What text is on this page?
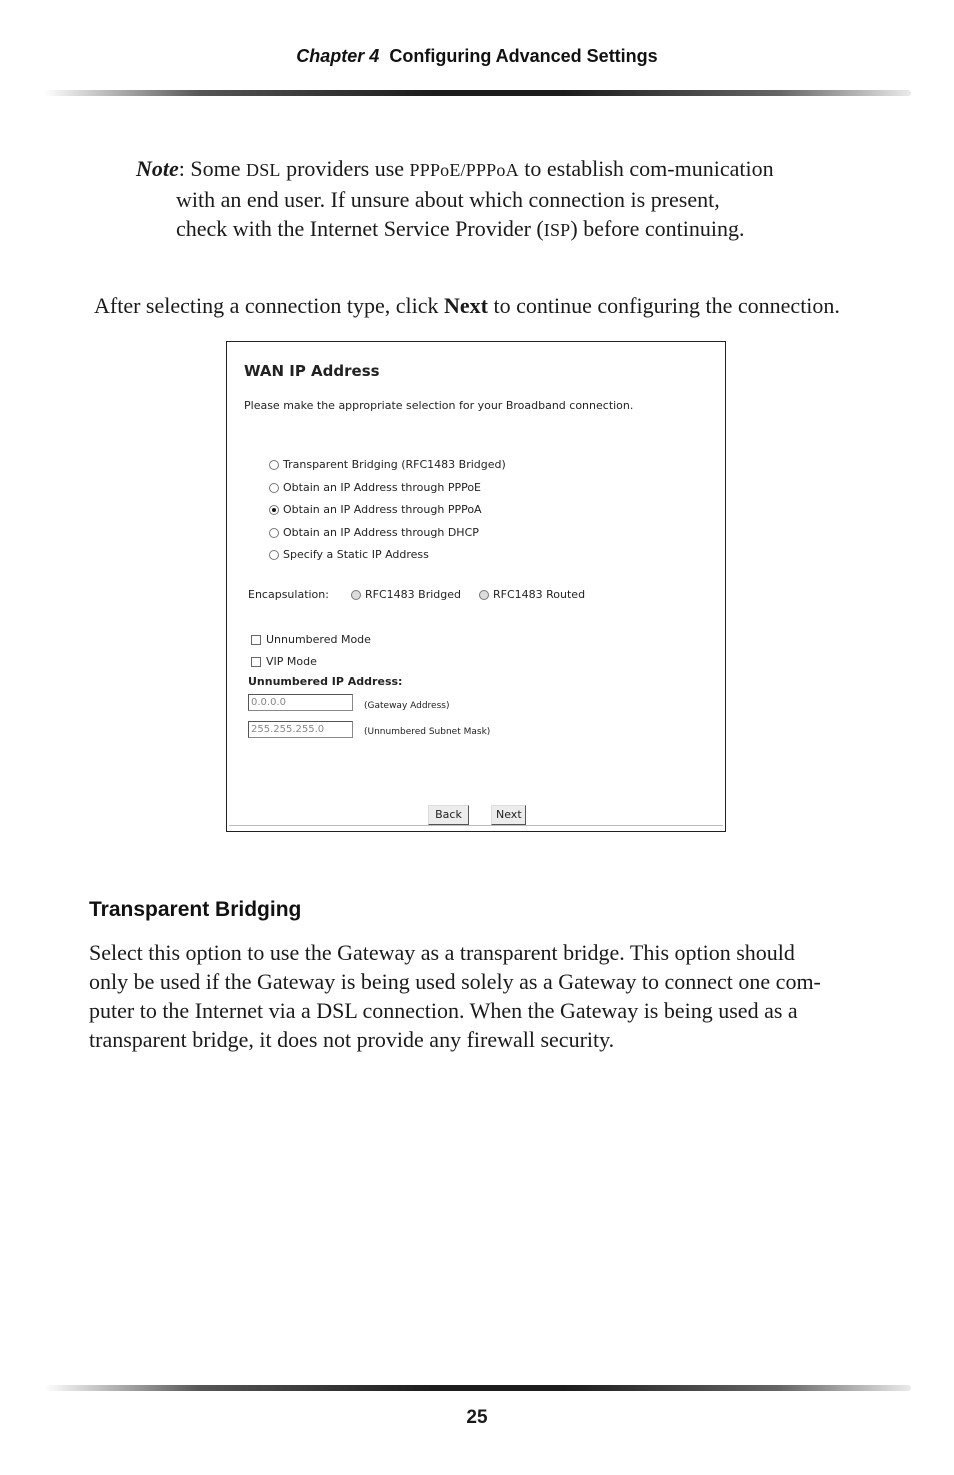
Chapter 4 Configuring Advanced Settings

Note: Some DSL providers use PPPoE/PPPoA to establish com-munication with an end user. If unsure about which connection is present, check with the Internet Service Provider (ISP) before continuing.

After selecting a connection type, click Next to continue configuring the connection.

WAN IP Address
Please make the appropriate selection for your Broadband connection.
Transparent Bridging (RFC1483 Bridged)
Obtain an IP Address through PPPoE
Obtain an IP Address through PPPoA
Obtain an IP Address through DHCP
Specify a Static IP Address
Encapsulation:	RFC1483 Bridged	RFC1483 Routed
Unnumbered Mode
VIP Mode
Unnumbered IP Address:
0.0.0.0	(Gateway Address)
255.255.255.0	(Unnumbered Subnet Mask)
Back	Next
Transparent Bridging

Select this option to use the Gateway as a transparent bridge. This option should
only be used if the Gateway is being used solely as a Gateway to connect one com-
puter to the Internet via a DSL connection. When the Gateway is being used as a
transparent bridge, it does not provide any firewall security.

25
